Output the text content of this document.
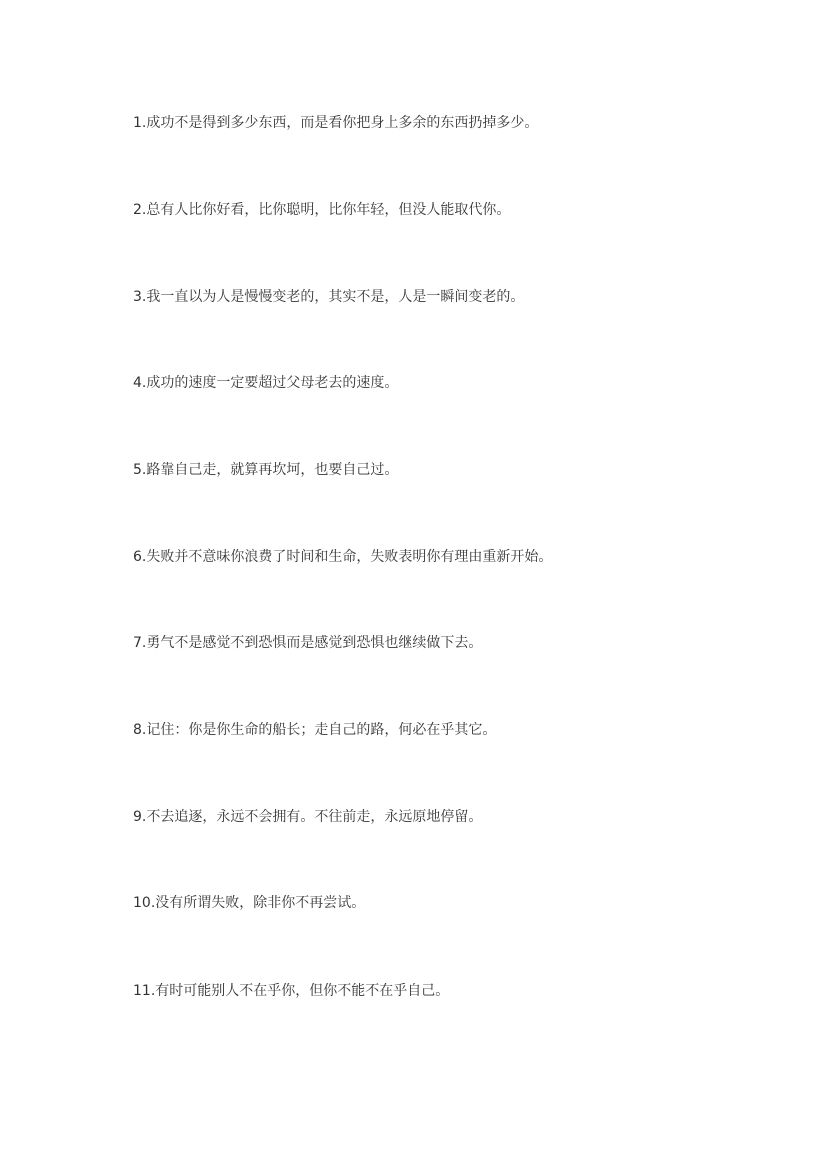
1.成功不是得到多少东西，而是看你把身上多余的东西扔掉多少。

2.总有人比你好看，比你聪明，比你年轻，但没人能取代你。

3.我一直以为人是慢慢变老的，其实不是，人是一瞬间变老的。

4.成功的速度一定要超过父母老去的速度。

5.路靠自己走，就算再坎坷，也要自己过。

6.失败并不意味你浪费了时间和生命，失败表明你有理由重新开始。

7.勇气不是感觉不到恐惧而是感觉到恐惧也继续做下去。

8.记住：你是你生命的船长；走自己的路，何必在乎其它。

9.不去追逐，永远不会拥有。不往前走，永远原地停留。

10.没有所谓失败，除非你不再尝试。

11.有时可能别人不在乎你，但你不能不在乎自己。
